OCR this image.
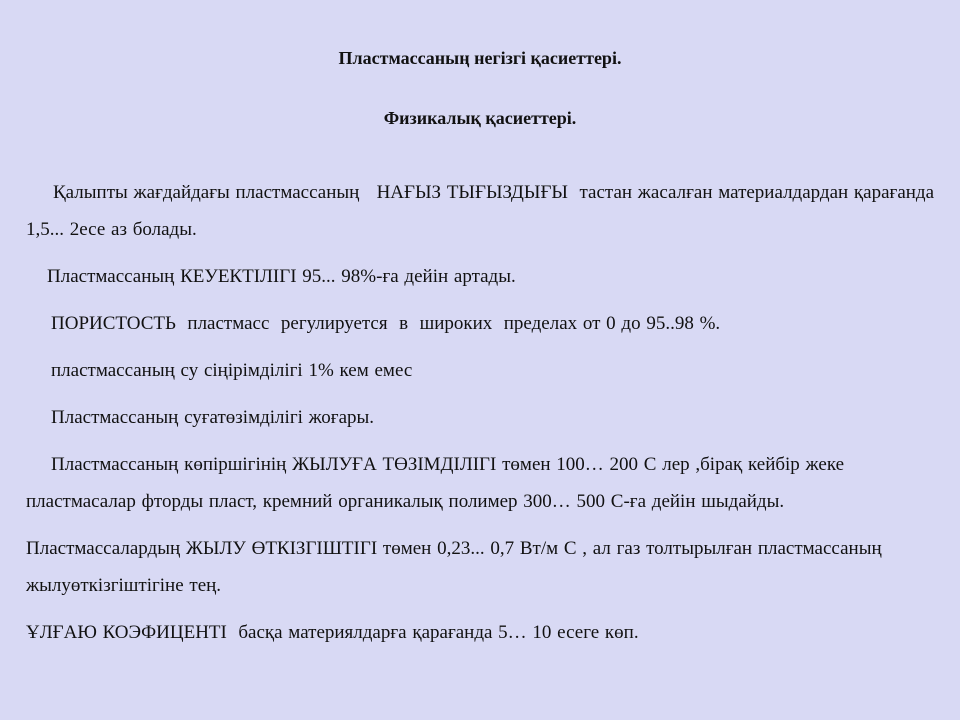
Пластмассаның негізгі қасиеттері.
Физикалық қасиеттері.

Қалыпты жағдайдағы пластмассаның   НАҒЫЗ ТЫҒЫЗДЫҒЫ  тастан жасалған материалдардан қарағанда 1,5... 2есе аз болады.

Пластмассаның КЕУЕКТІЛІГІ 95... 98%-ға дейін артады.

ПОРИСТОСТЬ  пластмасс  регулируется  в  широких  пределах от 0 до 95..98 %.

пластмассаның су сіңірімділігі 1% кем емес

Пластмассаның суғатөзімділігі жоғары.

Пластмассаның көпіршігінің ЖЫЛУҒА ТӨЗІМДІЛІГІ төмен 100… 200 С лер ,бірақ кейбір жеке пластмасалар фторды пласт, кремний органикалық полимер 300… 500 С-ға дейін шыдайды.

Пластмассалардың ЖЫЛУ ӨТКІЗГІШТІГІ төмен 0,23... 0,7 Вт/м С , ал газ толтырылған пластмассаның жылуөткізгіштігіне тең.

ҰЛҒАЮ КОЭФИЦЕНТІ  басқа материялдарға қарағанда 5… 10 есеге көп.
